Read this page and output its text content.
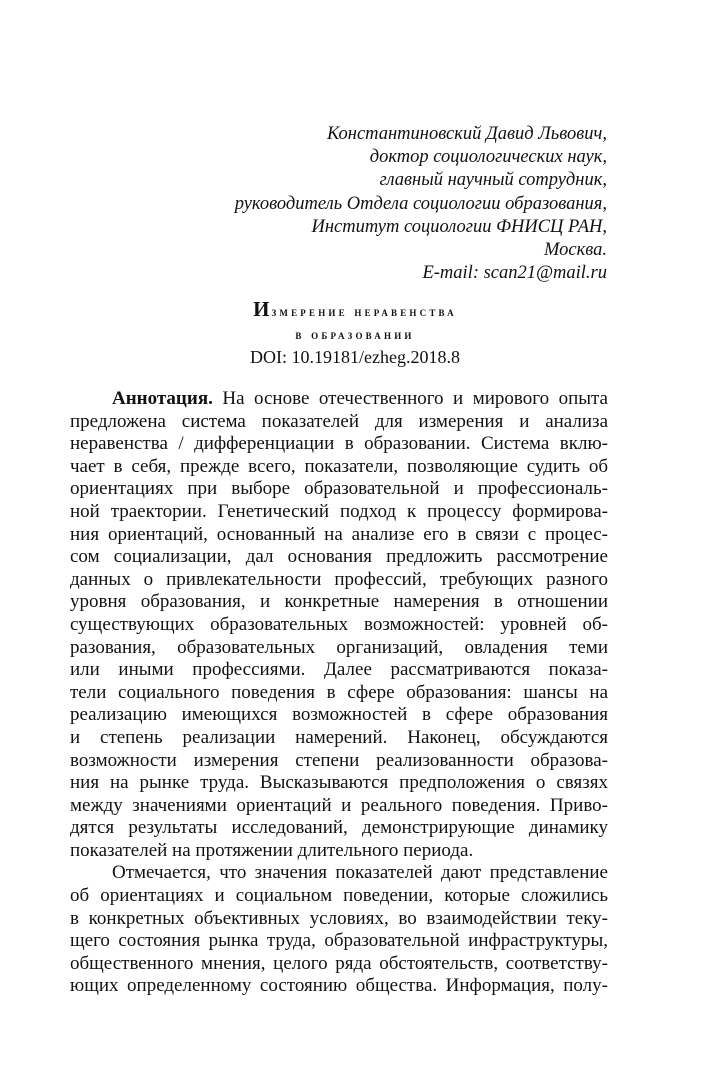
Константиновский Давид Львович,
доктор социологических наук,
главный научный сотрудник,
руководитель Отдела социологии образования,
Институт социологии ФНИСЦ РАН,
Москва.
E-mail: scan21@mail.ru
Измерение неравенства
в образовании
DOI: 10.19181/ezheg.2018.8
Аннотация. На основе отечественного и мирового опыта
предложена система показателей для измерения и анализа
неравенства / дифференциации в образовании. Система вклю-
чает в себя, прежде всего, показатели, позволяющие судить об
ориентациях при выборе образовательной и профессиональ-
ной траектории. Генетический подход к процессу формирова-
ния ориентаций, основанный на анализе его в связи с процес-
сом социализации, дал основания предложить рассмотрение
данных о привлекательности профессий, требующих разного
уровня образования, и конкретные намерения в отношении
существующих образовательных возможностей: уровней об-
разования, образовательных организаций, овладения теми
или иными профессиями. Далее рассматриваются показа-
тели социального поведения в сфере образования: шансы на
реализацию имеющихся возможностей в сфере образования
и степень реализации намерений. Наконец, обсуждаются
возможности измерения степени реализованности образова-
ния на рынке труда. Высказываются предположения о связях
между значениями ориентаций и реального поведения. Приво-
дятся результаты исследований, демонстрирующие динамику
показателей на протяжении длительного периода.
Отмечается, что значения показателей дают представление
об ориентациях и социальном поведении, которые сложились
в конкретных объективных условиях, во взаимодействии теку-
щего состояния рынка труда, образовательной инфраструктуры,
общественного мнения, целого ряда обстоятельств, соответству-
ющих определенному состоянию общества. Информация, полу-
